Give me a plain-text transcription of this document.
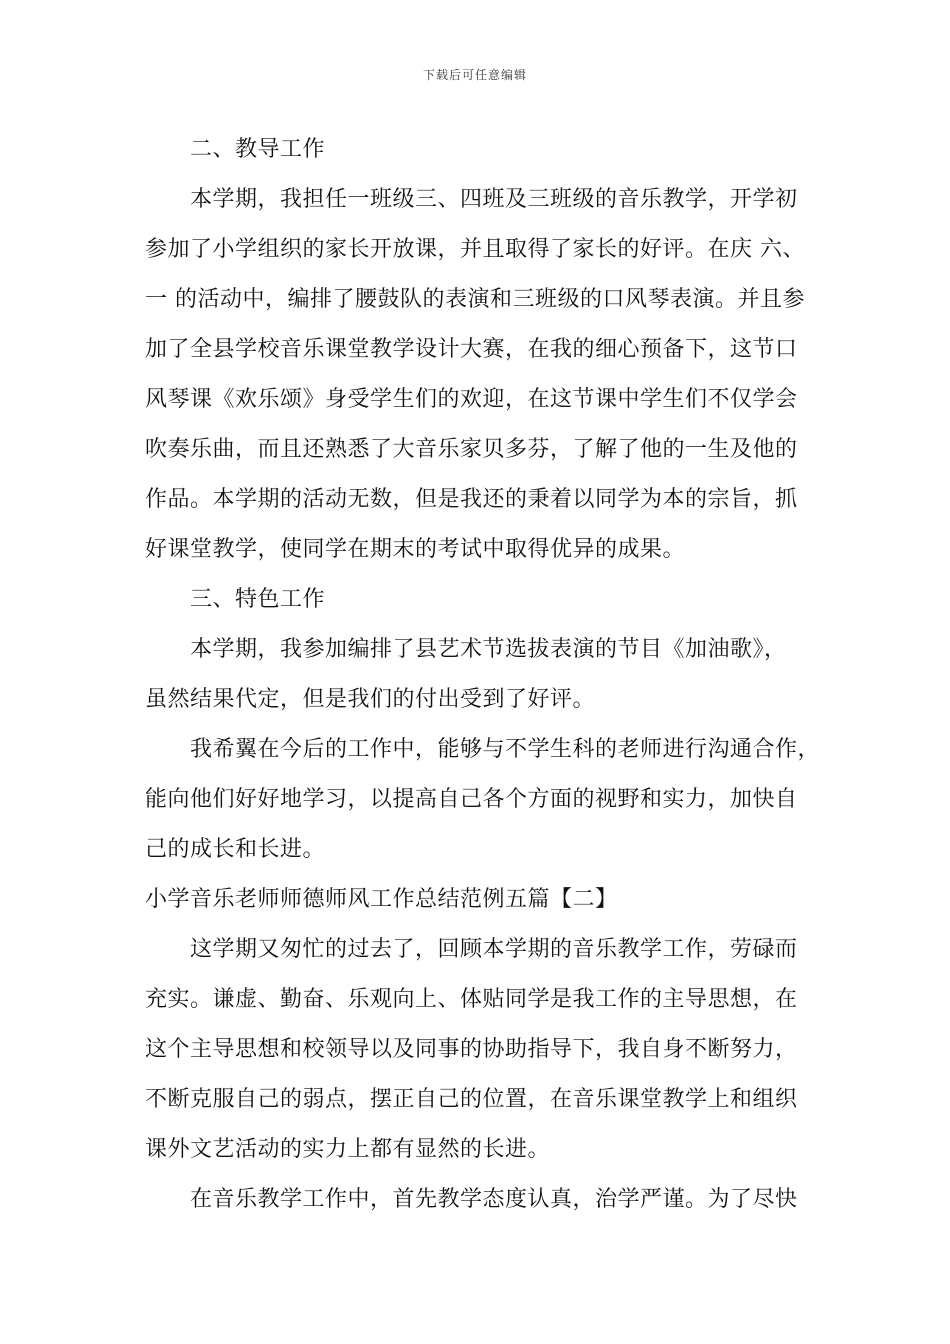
下载后可任意编辑
二、教导工作
本学期，我担任一班级三、四班及三班级的音乐教学，开学初
参加了小学组织的家长开放课，并且取得了家长的好评。在庆 六、
一 的活动中，编排了腰鼓队的表演和三班级的口风琴表演。并且参
加了全县学校音乐课堂教学设计大赛，在我的细心预备下，这节口
风琴课《欢乐颂》身受学生们的欢迎，在这节课中学生们不仅学会
吹奏乐曲，而且还熟悉了大音乐家贝多芬，了解了他的一生及他的
作品。本学期的活动无数，但是我还的秉着以同学为本的宗旨，抓
好课堂教学，使同学在期末的考试中取得优异的成果。
三、特色工作
本学期，我参加编排了县艺术节选拔表演的节目《加油歌》，
虽然结果代定，但是我们的付出受到了好评。
我希翼在今后的工作中，能够与不学生科的老师进行沟通合作，
能向他们好好地学习，以提高自己各个方面的视野和实力，加快自
己的成长和长进。
小学音乐老师师德师风工作总结范例五篇【二】
这学期又匆忙的过去了，回顾本学期的音乐教学工作，劳碌而
充实。谦虚、勤奋、乐观向上、体贴同学是我工作的主导思想，在
这个主导思想和校领导以及同事的协助指导下，我自身不断努力，
不断克服自己的弱点，摆正自己的位置，在音乐课堂教学上和组织
课外文艺活动的实力上都有显然的长进。
在音乐教学工作中，首先教学态度认真，治学严谨。为了尽快
